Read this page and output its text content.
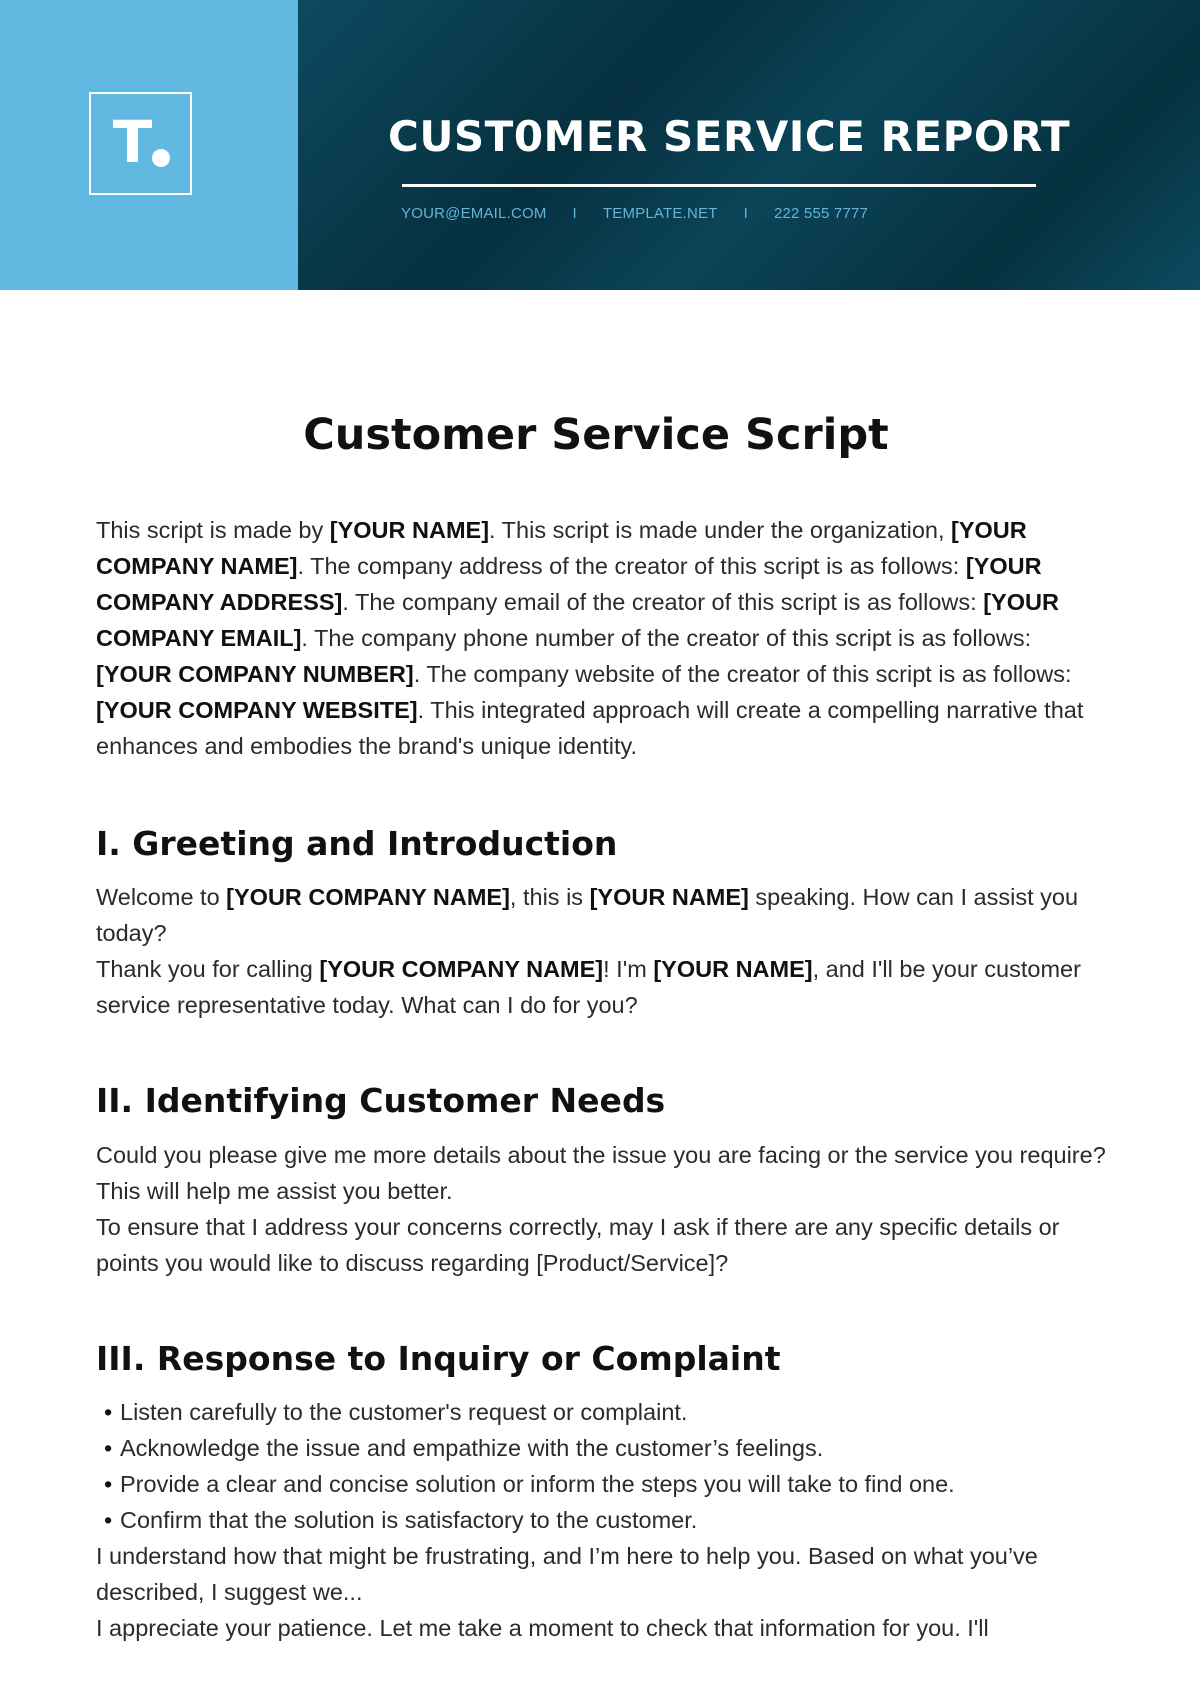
T	CUST0MER SERVICE REPORT
YOUR@EMAIL.COM I TEMPLATE.NET I 222 555 7777
Customer Service Script

This script is made by [YOUR NAME]. This script is made under the organization, [YOUR COMPANY NAME]. The company address of the creator of this script is as follows: [YOUR COMPANY ADDRESS]. The company email of the creator of this script is as follows: [YOUR COMPANY EMAIL]. The company phone number of the creator of this script is as follows: [YOUR COMPANY NUMBER]. The company website of the creator of this script is as follows: [YOUR COMPANY WEBSITE]. This integrated approach will create a compelling narrative that enhances and embodies the brand's unique identity.

I. Greeting and Introduction

Welcome to [YOUR COMPANY NAME], this is [YOUR NAME] speaking. How can I assist you today?

Thank you for calling [YOUR COMPANY NAME]! I'm [YOUR NAME], and I'll be your customer service representative today. What can I do for you?

II. Identifying Customer Needs

Could you please give me more details about the issue you are facing or the service you require? This will help me assist you better.

To ensure that I address your concerns correctly, may I ask if there are any specific details or points you would like to discuss regarding [Product/Service]?

III. Response to Inquiry or Complaint
• Listen carefully to the customer's request or complaint.
• Acknowledge the issue and empathize with the customer’s feelings.
• Provide a clear and concise solution or inform the steps you will take to find one.
• Confirm that the solution is satisfactory to the customer.

I understand how that might be frustrating, and I’m here to help you. Based on what you’ve described, I suggest we...

I appreciate your patience. Let me take a moment to check that information for you. I'll
